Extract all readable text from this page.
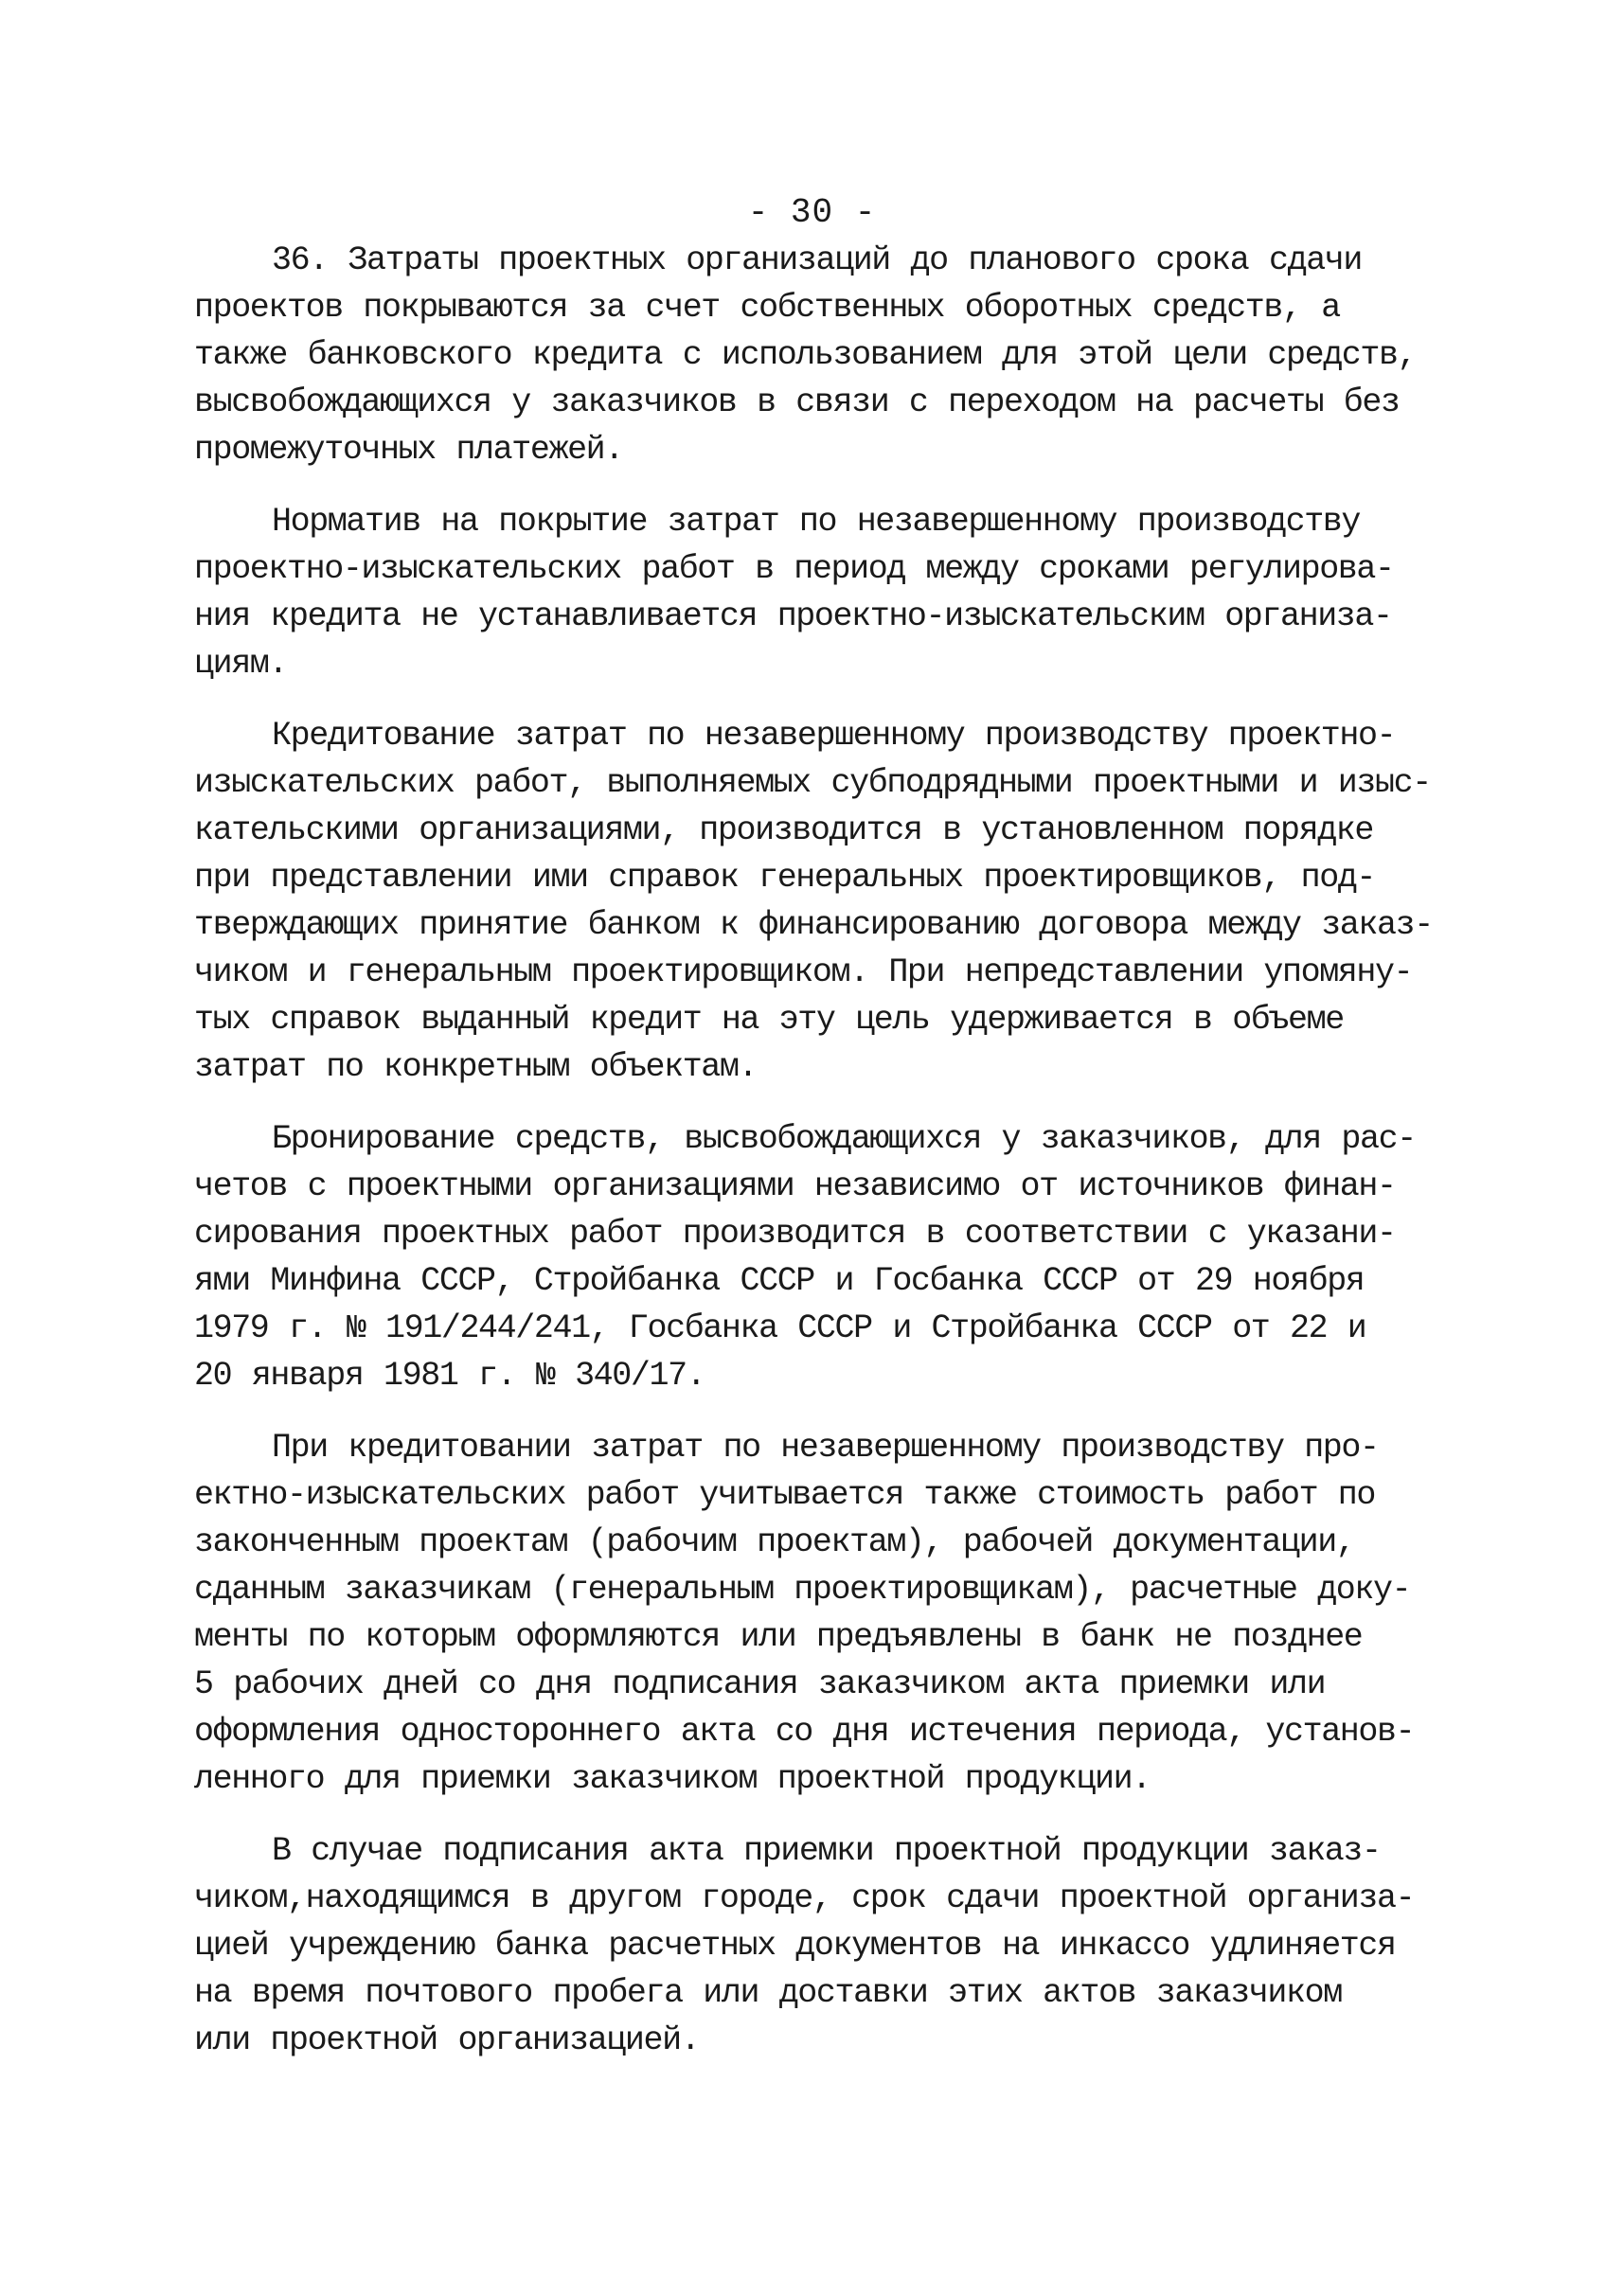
- 30 -

36. Затраты проектных организаций до планового срока сдачи
проектов покрываются за счет собственных оборотных средств, а
также банковского кредита с использованием для этой цели средств,
высвобождающихся у заказчиков в связи с переходом на расчеты без
промежуточных платежей.

Норматив на покрытие затрат по незавершенному производству
проектно-изыскательских работ в период между сроками регулирова-
ния кредита не устанавливается проектно-изыскательским организа-
циям.

Кредитование затрат по незавершенному производству проектно-
изыскательских работ, выполняемых субподрядными проектными и изыс-
кательскими организациями, производится в установленном порядке
при представлении ими справок генеральных проектировщиков, под-
тверждающих принятие банком к финансированию договора между заказ-
чиком и генеральным проектировщиком. При непредставлении упомяну-
тых справок выданный кредит на эту цель удерживается в объеме
затрат по конкретным объектам.

Бронирование средств, высвобождающихся у заказчиков, для рас-
четов с проектными организациями независимо от источников финан-
сирования проектных работ производится в соответствии с указани-
ями Минфина СССР, Стройбанка СССР и Госбанка СССР от 29 ноября
1979 г. № 191/244/241, Госбанка СССР и Стройбанка СССР от 22 и
20 января 1981 г. № 340/17.

При кредитовании затрат по незавершенному производству про-
ектно-изыскательских работ учитывается также стоимость работ по
законченным проектам (рабочим проектам), рабочей документации,
сданным заказчикам (генеральным проектировщикам), расчетные доку-
менты по которым оформляются или предъявлены в банк не позднее
5 рабочих дней со дня подписания заказчиком акта приемки или
оформления одностороннего акта со дня истечения периода, установ-
ленного для приемки заказчиком проектной продукции.

В случае подписания акта приемки проектной продукции заказ-
чиком,находящимся в другом городе, срок сдачи проектной организа-
цией учреждению банка расчетных документов на инкассо удлиняется
на время почтового пробега или доставки этих актов заказчиком
или проектной организацией.
